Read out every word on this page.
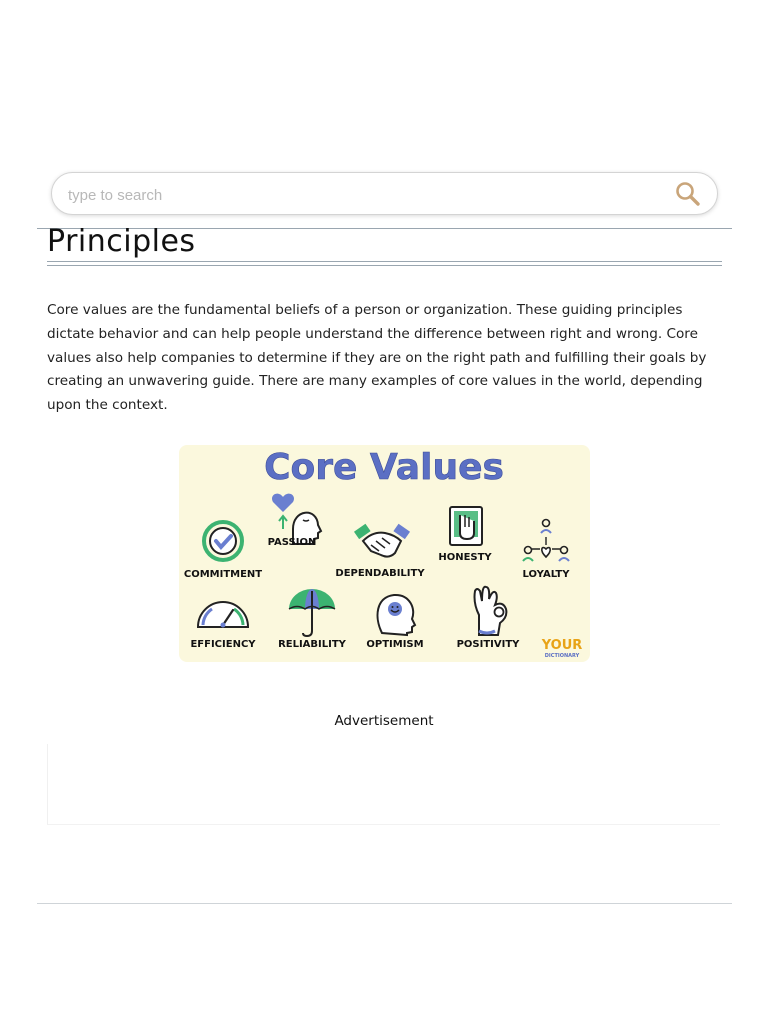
type to search
Principles

Core values are the fundamental beliefs of a person or organization. These guiding principles dictate behavior and can help people understand the difference between right and wrong. Core values also help companies to determine if they are on the right path and fulfilling their goals by creating an unwavering guide. There are many examples of core values in the world, depending upon the context.

Core Values
PASSION
COMMITMENT	DEPENDABILITY
HONESTY
LOYALTY
EFFICIENCY RELIABILITY OPTIMISM	POSITIVITY YOUR
DICTIONARY
Advertisement
